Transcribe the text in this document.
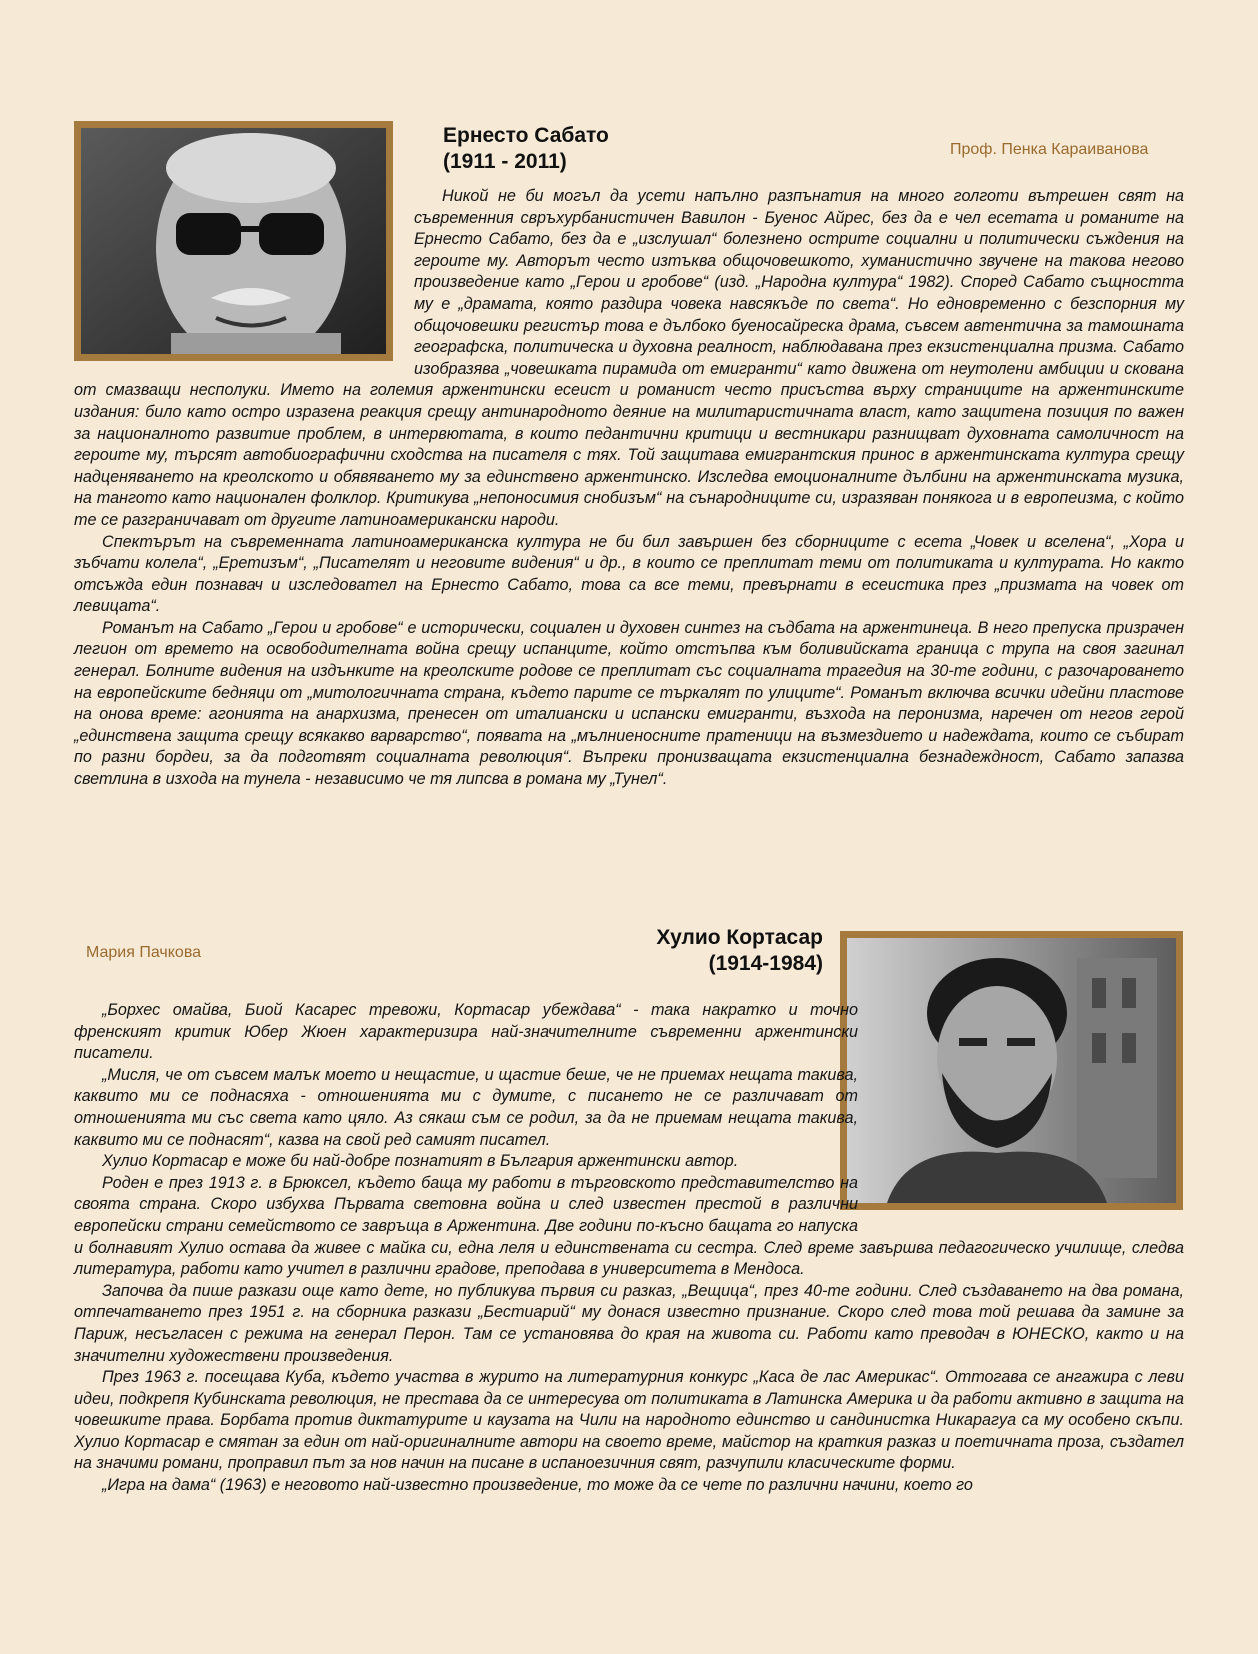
Ернесто Сабато
(1911 - 2011)
Проф. Пенка Караиванова

Никой не би могъл да усети напълно разпънатия на много голготи вътрешен свят на съвременния свръхурбанистичен Вавилон - Буенос Айрес, без да е чел есетата и романите на Ернесто Сабато, без да е „изслушал“ болезнено острите социални и политически съждения на героите му. Авторът често изтъква общочовешкото, хуманистично звучене на такова негово произведение като „Герои и гробове“ (изд. „Народна култура“ 1982). Според Сабато същността му е „драмата, която раздира човека навсякъде по света“. Но едновременно с безспорния му общочовешки регистър това е дълбоко буеносайреска драма, съвсем автентична за тамошната географска, политическа и духовна реалност, наблюдавана през екзистенциална призма. Сабато изобразява „човешката пирамида от емигранти“ като движена от неутолени амбиции и скована от смазващи несполуки. Името на големия аржентински есеист и романист често присъства върху страниците на аржентинските издания: било като остро изразена реакция срещу антинародното деяние на милитаристичната власт, като защитена позиция по важен за националното развитие проблем, в интервютата, в които педантични критици и вестникари разнищват духовната самоличност на героите му, търсят автобиографични сходства на писателя с тях. Той защитава емигрантския принос в аржентинската култура срещу надценяването на креолското и обявяването му за единствено аржентинско. Изследва емоционалните дълбини на аржентинската музика, на тангото като национален фолклор. Критикува „непоносимия снобизъм“ на сънародниците си, изразяван понякога и в европеизма, с който те се разграничават от другите латиноамерикански народи.

Спектърът на съвременната латиноамериканска култура не би бил завършен без сборниците с есета „Човек и вселена“, „Хора и зъбчати колела“, „Еретизъм“, „Писателят и неговите видения“ и др., в които се преплитат теми от политиката и културата. Но както отсъжда един познавач и изследовател на Ернесто Сабато, това са все теми, превърнати в есеистика през „призмата на човек от левицата“.

Романът на Сабато „Герои и гробове“ е исторически, социален и духовен синтез на съдбата на аржентинеца. В него препуска призрачен легион от времето на освободителната война срещу испанците, който отстъпва към боливийската граница с трупа на своя загинал генерал. Болните видения на издънките на креолските родове се преплитат със социалната трагедия на 30-те години, с разочароването на европейските бедняци от „митологичната страна, където парите се търкалят по улиците“. Романът включва всички идейни пластове на онова време: агонията на анархизма, пренесен от италиански и испански емигранти, възхода на перонизма, наречен от негов герой „единствена защита срещу всякакво варварство“, появата на „мълниеносните пратеници на възмездието и надеждата, които се събират по разни бордеи, за да подготвят социалната революция“. Въпреки пронизващата екзистенциална безнадеждност, Сабато запазва светлина в изхода на тунела - независимо че тя липсва в романа му „Тунел“.

Мария Пачкова
Хулио Кортасар
(1914-1984)

„Борхес омайва, Биой Касарес тревожи, Кортасар убеждава“ - така накратко и точно френският критик Юбер Жюен характеризира най-значителните съвременни аржентински писатели.

„Мисля, че от съвсем малък моето и нещастие, и щастие беше, че не приемах нещата такива, каквито ми се поднасяха - отношенията ми с думите, с писането не се различават от отношенията ми със света като цяло. Аз сякаш съм се родил, за да не приемам нещата такива, каквито ми се поднасят“, казва на свой ред самият писател.

Хулио Кортасар е може би най-добре познатият в България аржентински автор.

Роден е през 1913 г. в Брюксел, където баща му работи в търговското представителство на своята страна. Скоро избухва Първата световна война и след известен престой в различни европейски страни семейството се завръща в Аржентина. Две години по-късно бащата го напуска и болнавият Хулио остава да живее с майка си, една леля и единствената си сестра. След време завършва педагогическо училище, следва литература, работи като учител в различни градове, преподава в университета в Мендоса.

Започва да пише разкази още като дете, но публикува първия си разказ, „Вещица“, през 40-те години. След създаването на два романа, отпечатването през 1951 г. на сборника разкази „Бестиарий“ му донася известно признание. Скоро след това той решава да замине за Париж, несъгласен с режима на генерал Перон. Там се установява до края на живота си. Работи като преводач в ЮНЕСКО, както и на значителни художествени произведения.

През 1963 г. посещава Куба, където участва в журито на литературния конкурс „Каса де лас Америкас“. Оттогава се ангажира с леви идеи, подкрепя Кубинската революция, не престава да се интересува от политиката в Латинска Америка и да работи активно в защита на човешките права. Борбата против диктатурите и каузата на Чили на народното единство и сандинистка Никарагуа са му особено скъпи. Хулио Кортасар е смятан за един от най-оригиналните автори на своето време, майстор на краткия разказ и поетичната проза, създател на значими романи, проправил път за нов начин на писане в испаноезичния свят, разчупили класическите форми.

„Игра на дама“ (1963) е неговото най-известно произведение, то може да се чете по различни начини, което го
